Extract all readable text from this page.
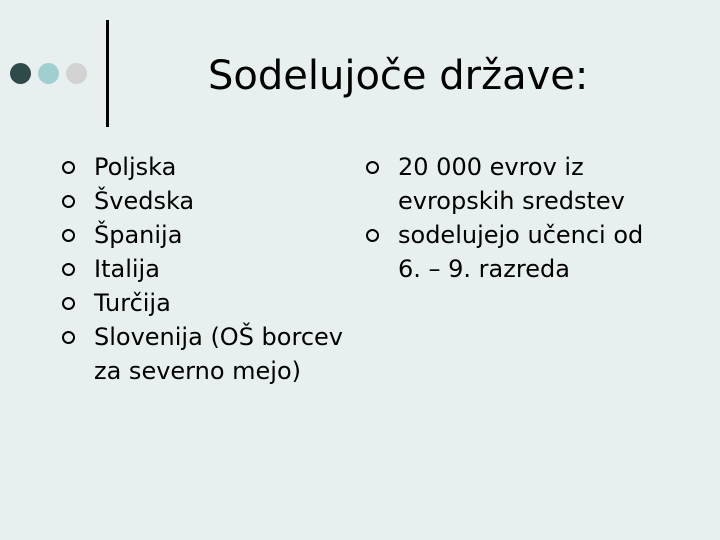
Sodelujoče države:
Poljska
Švedska
Španija
Italija
Turčija
Slovenija (OŠ borcev za severno mejo)
20 000 evrov iz evropskih sredstev
sodelujejo učenci od 6. – 9. razreda
